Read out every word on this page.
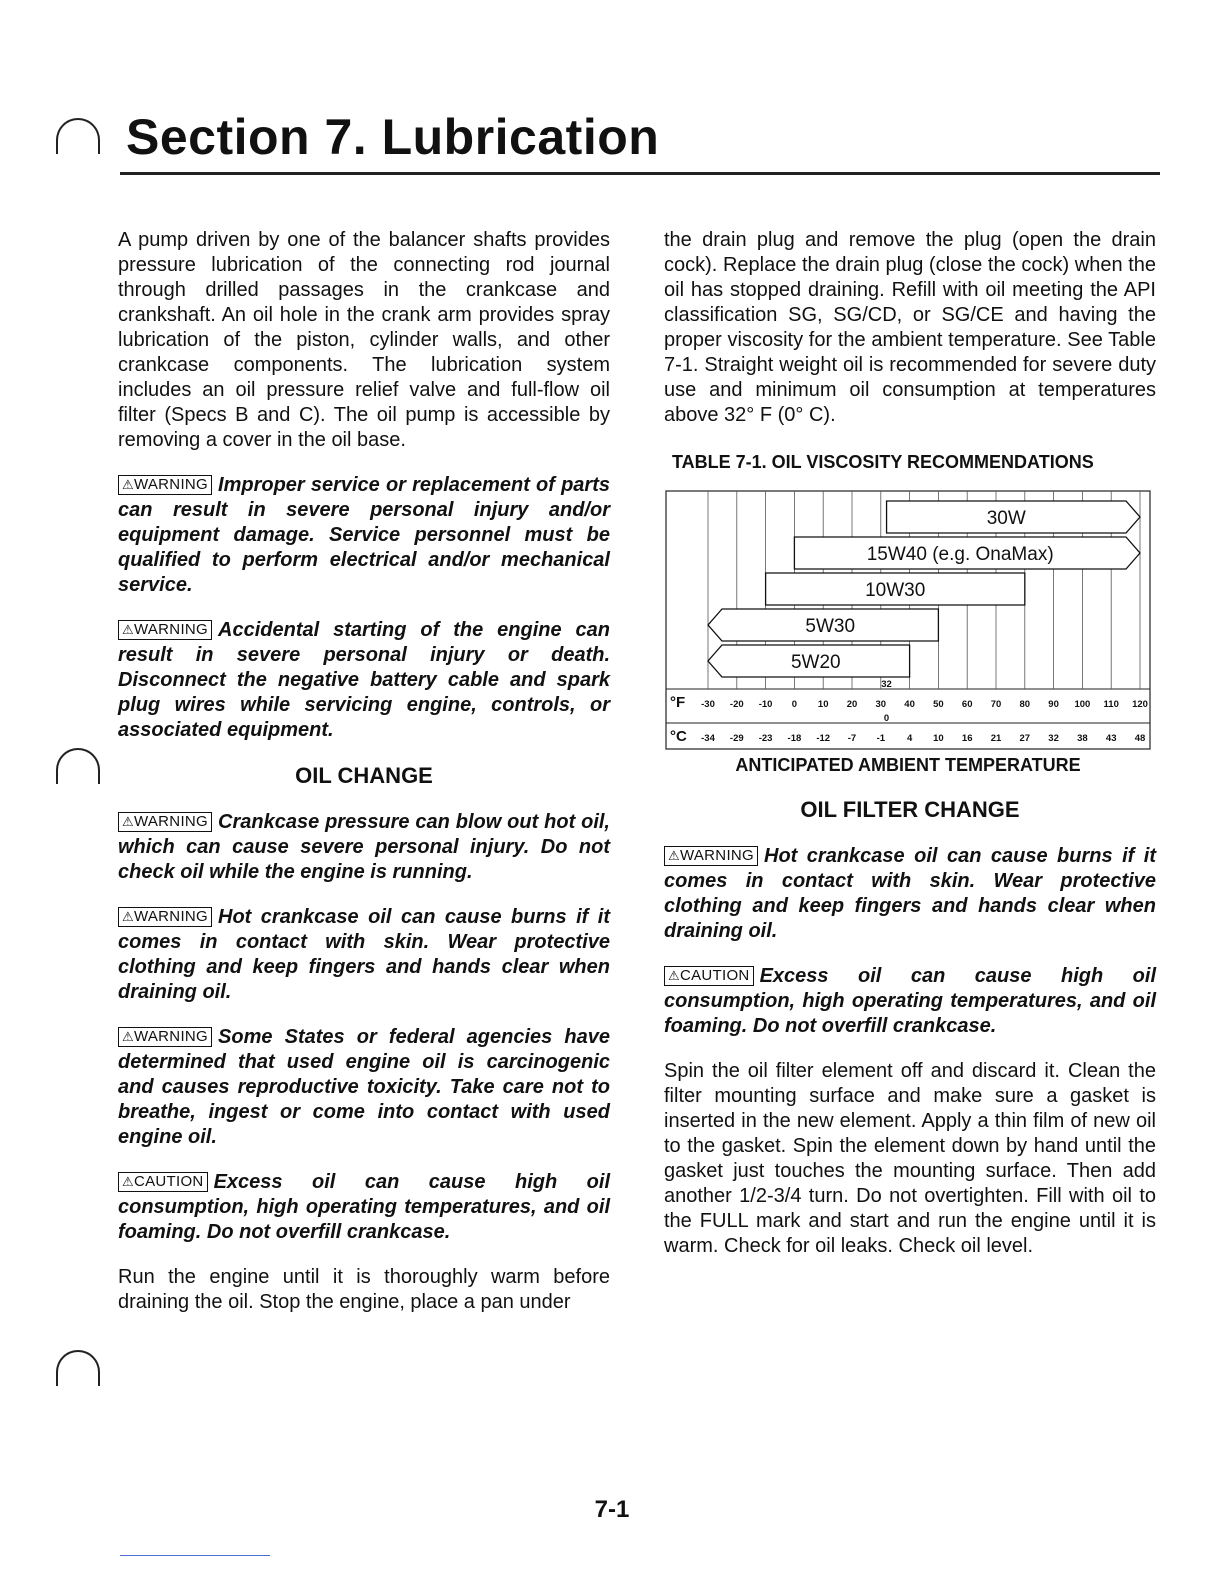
Section 7. Lubrication

A pump driven by one of the balancer shafts provides pressure lubrication of the connecting rod journal through drilled passages in the crankcase and crankshaft. An oil hole in the crank arm provides spray lubrication of the piston, cylinder walls, and other crankcase components. The lubrication system includes an oil pressure relief valve and full-flow oil filter (Specs B and C). The oil pump is accessible by removing a cover in the oil base.

⚠WARNING Improper service or replacement of parts can result in severe personal injury and/or equipment damage. Service personnel must be qualified to perform electrical and/or mechanical service.
⚠WARNING Accidental starting of the engine can result in severe personal injury or death. Disconnect the negative battery cable and spark plug wires while servicing engine, controls, or associated equipment.
OIL CHANGE
⚠WARNING Crankcase pressure can blow out hot oil, which can cause severe personal injury. Do not check oil while the engine is running.
⚠WARNING Hot crankcase oil can cause burns if it comes in contact with skin. Wear protective clothing and keep fingers and hands clear when draining oil.
⚠WARNING Some States or federal agencies have determined that used engine oil is carcinogenic and causes reproductive toxicity. Take care not to breathe, ingest or come into contact with used engine oil.
⚠CAUTION Excess oil can cause high oil consumption, high operating temperatures, and oil foaming. Do not overfill crankcase.

Run the engine until it is thoroughly warm before draining the oil. Stop the engine, place a pan under

the drain plug and remove the plug (open the drain cock). Replace the drain plug (close the cock) when the oil has stopped draining. Refill with oil meeting the API classification SG, SG/CD, or SG/CE and having the proper viscosity for the ambient temperature. See Table 7-1. Straight weight oil is recommended for severe duty use and minimum oil consumption at temperatures above 32° F (0° C).

TABLE 7-1. OIL VISCOSITY RECOMMENDATIONS
30W
15W40 (e.g. OnaMax)
10W30
5W30
5W20
°F
°C
-30
-34
-20
-29
-10
-23
0
-18
10
-12
20
-7
30
-1
40
4
50
10
60
16
70
21
80
27
90
32
100
38
110
43
120
48
32
0
ANTICIPATED AMBIENT TEMPERATURE
OIL FILTER CHANGE
⚠WARNING Hot crankcase oil can cause burns if it comes in contact with skin. Wear protective clothing and keep fingers and hands clear when draining oil.
⚠CAUTION Excess oil can cause high oil consumption, high operating temperatures, and oil foaming. Do not overfill crankcase.

Spin the oil filter element off and discard it. Clean the filter mounting surface and make sure a gasket is inserted in the new element. Apply a thin film of new oil to the gasket. Spin the element down by hand until the gasket just touches the mounting surface. Then add another 1/2-3/4 turn. Do not overtighten. Fill with oil to the FULL mark and start and run the engine until it is warm. Check for oil leaks. Check oil level.

7-1
